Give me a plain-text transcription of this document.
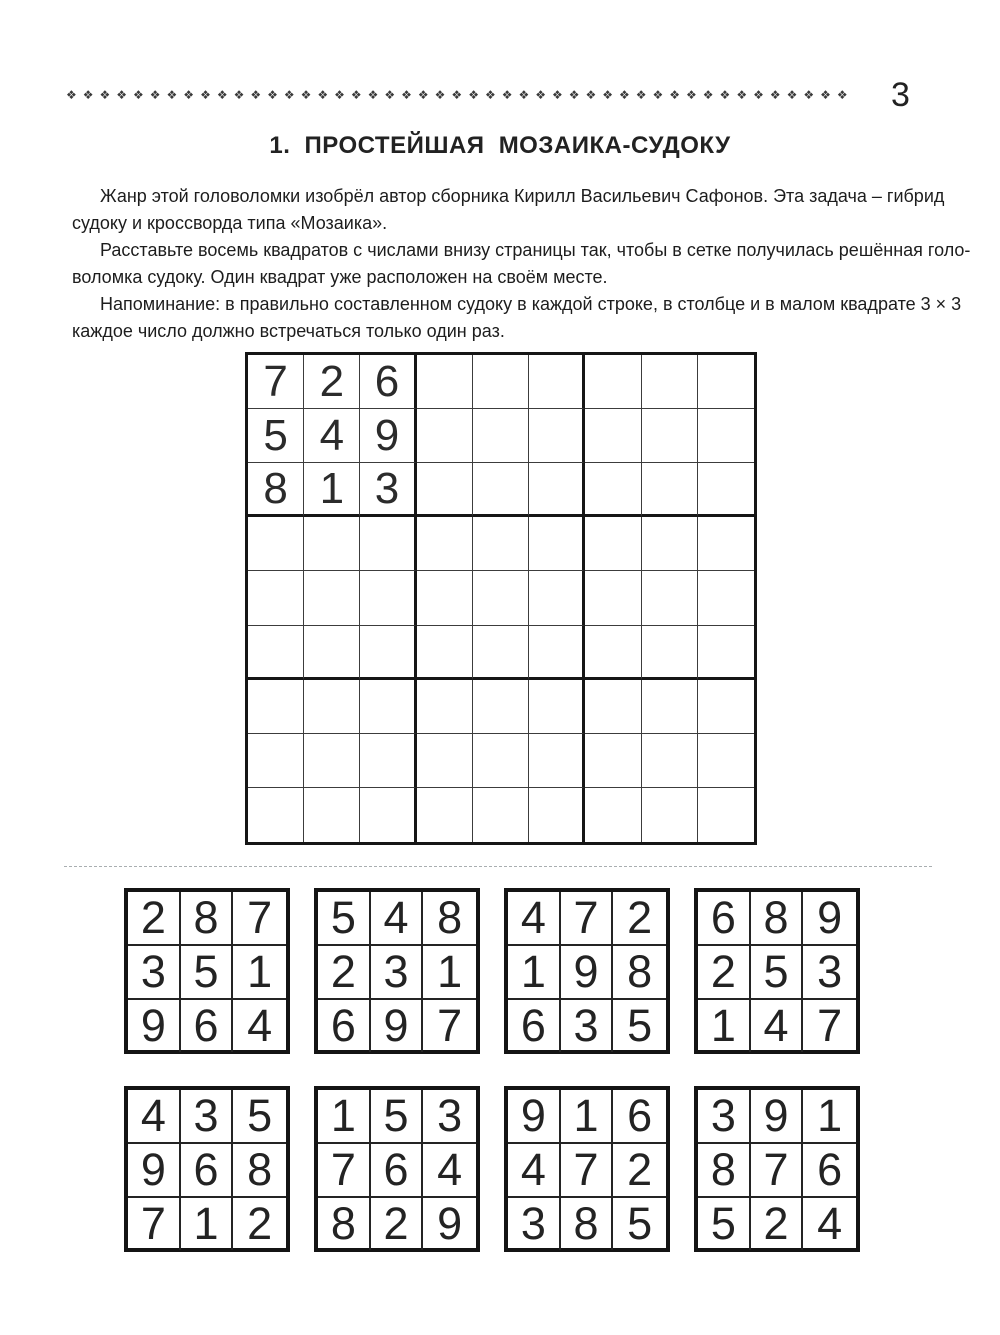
❖❖❖❖❖❖❖❖❖❖❖❖❖❖❖❖❖❖❖❖❖❖❖❖❖❖❖❖❖❖❖❖❖❖❖❖❖❖❖❖❖❖❖❖❖❖❖ 3
1. ПРОСТЕЙШАЯ МОЗАИКА-СУДОКУ
Жанр этой головоломки изобрёл автор сборника Кирилл Васильевич Сафонов. Эта задача – гибрид
судоку и кроссворда типа «Мозаика».
Расставьте восемь квадратов с числами внизу страницы так, чтобы в сетке получилась решённая голо-
воломка судоку. Один квадрат уже расположен на своём месте.
Напоминание: в правильно составленном судоку в каждой строке, в столбце и в малом квадрате 3 × 3
каждое число должно встречаться только один раз.
7 2 6
5 4 9
8 1 3
2 8 7
3 5 1
9 6 4
5 4 8
2 3 1
6 9 7
4 7 2
1 9 8
6 3 5
6 8 9
2 5 3
1 4 7
4 3 5
9 6 8
7 1 2
1 5 3
7 6 4
8 2 9
9 1 6
4 7 2
3 8 5
3 9 1
8 7 6
5 2 4
